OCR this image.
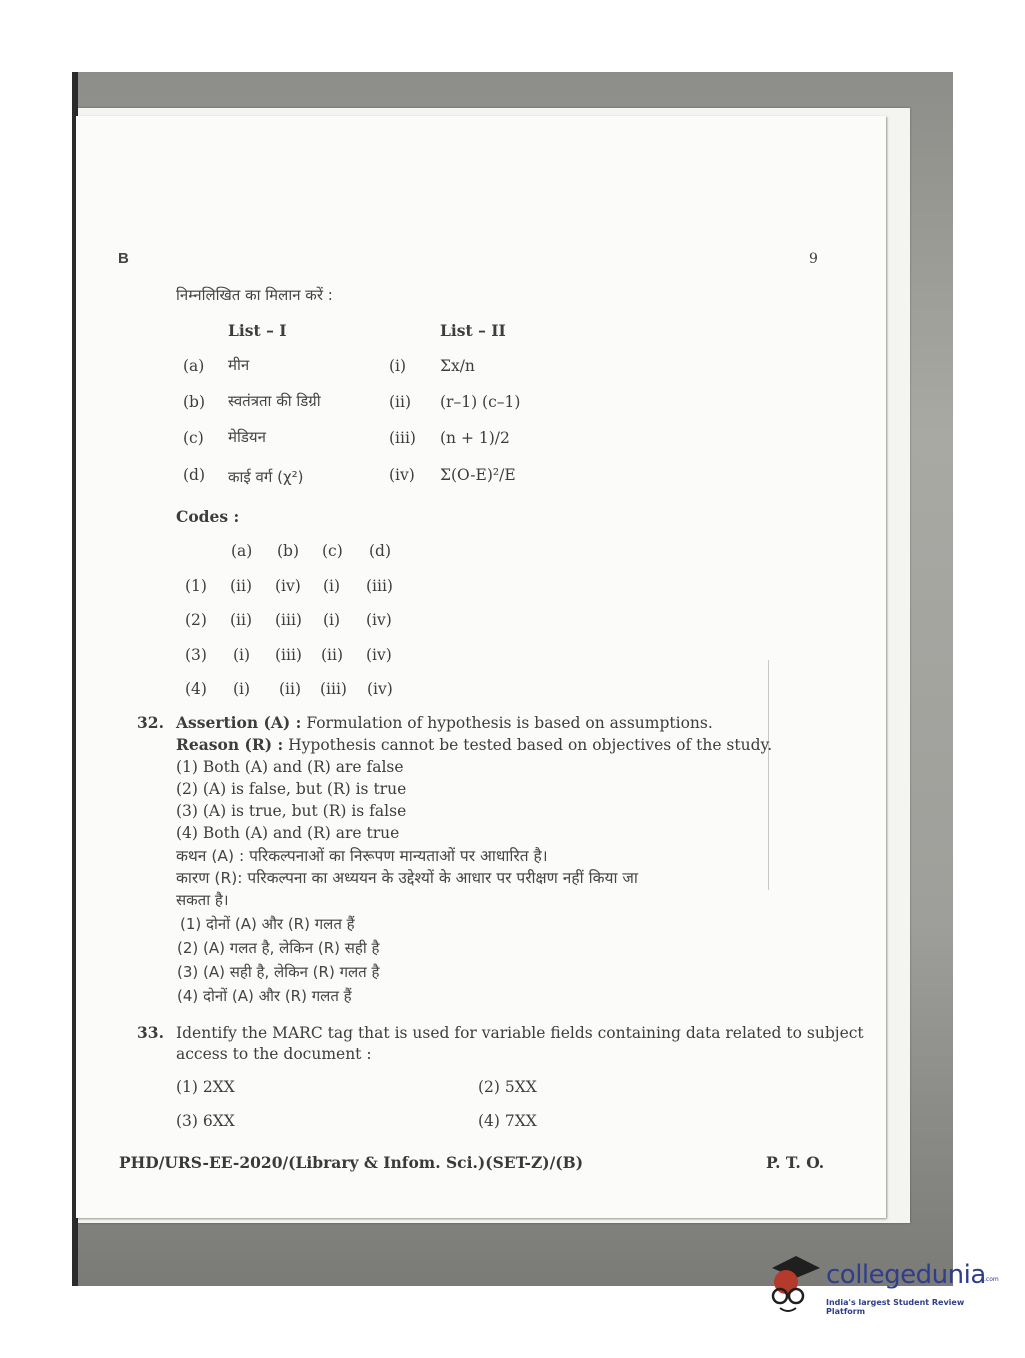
B	9
निम्नलिखित का मिलान करें :
List – I	List – II
(a) मीन	(i) Σx/n
(b) स्वतंत्रता की डिग्री	(ii) (r–1) (c–1)
(c) मेडियन	(iii) (n + 1)/2
(d) काई वर्ग (χ²)	(iv) Σ(O-E)²/E
Codes :
(a) (b) (c) (d)
(1) (ii) (iv) (i) (iii)
(2) (ii) (iii) (i) (iv)
(3) (i) (iii) (ii) (iv)
(4) (i) (ii) (iii) (iv)
32. Assertion (A) : Formulation of hypothesis is based on assumptions.
Reason (R) : Hypothesis cannot be tested based on objectives of the study.
(1) Both (A) and (R) are false
(2) (A) is false, but (R) is true
(3) (A) is true, but (R) is false
(4) Both (A) and (R) are true
कथन (A) : परिकल्पनाओं का निरूपण मान्यताओं पर आधारित है।
कारण (R): परिकल्पना का अध्ययन के उद्देश्यों के आधार पर परीक्षण नहीं किया जा
सकता है।
(1) दोनों (A) और (R) गलत हैं
(2) (A) गलत है, लेकिन (R) सही है
(3) (A) सही है, लेकिन (R) गलत है
(4) दोनों (A) और (R) गलत हैं
33. Identify the MARC tag that is used for variable fields containing data related to subject
access to the document :
(1) 2XX	(2) 5XX
(3) 6XX	(4) 7XX
PHD/URS-EE-2020/(Library & Infom. Sci.)(SET-Z)/(B)	P. T. O.
collegedunia
.com
India's largest Student Review Platform
